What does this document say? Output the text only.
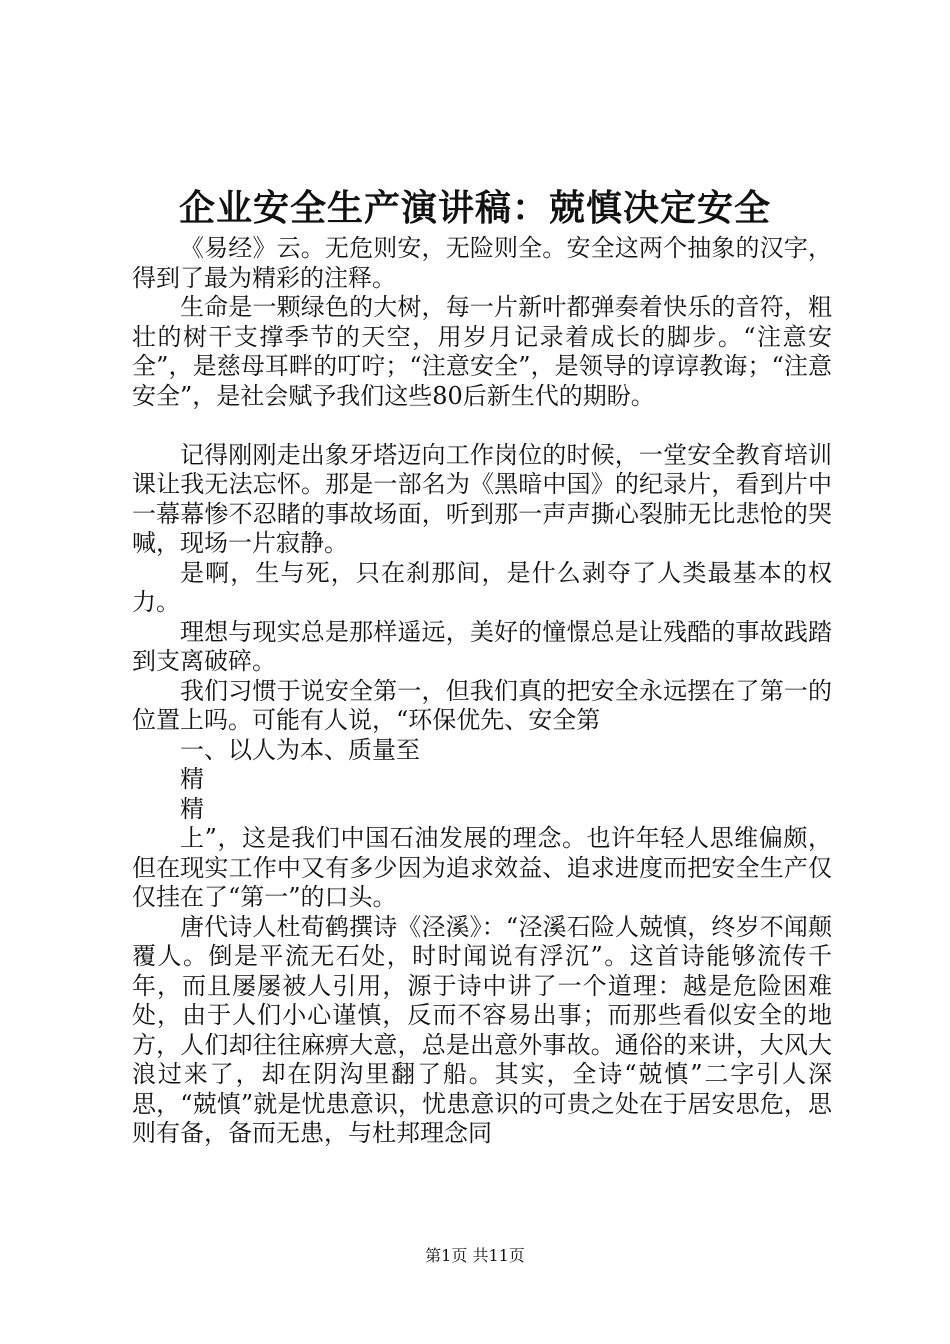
企业安全生产演讲稿：兢慎决定安全

《易经》云。无危则安，无险则全。安全这两个抽象的汉字，得到了最为精彩的注释。

生命是一颗绿色的大树，每一片新叶都弹奏着快乐的音符，粗壮的树干支撑季节的天空，用岁月记录着成长的脚步。“注意安全”，是慈母耳畔的叮咛；“注意安全”，是领导的谆谆教诲；“注意安全”，是社会赋予我们这些80后新生代的期盼。

记得刚刚走出象牙塔迈向工作岗位的时候，一堂安全教育培训课让我无法忘怀。那是一部名为《黑暗中国》的纪录片，看到片中一幕幕惨不忍睹的事故场面，听到那一声声撕心裂肺无比悲怆的哭喊，现场一片寂静。

是啊，生与死，只在刹那间，是什么剥夺了人类最基本的权力。

理想与现实总是那样遥远，美好的憧憬总是让残酷的事故践踏到支离破碎。

我们习惯于说安全第一，但我们真的把安全永远摆在了第一的位置上吗。可能有人说，“环保优先、安全第

一、以人为本、质量至

精

精

上”，这是我们中国石油发展的理念。也许年轻人思维偏颇，但在现实工作中又有多少因为追求效益、追求进度而把安全生产仅仅挂在了“第一”的口头。

唐代诗人杜荀鹤撰诗《泾溪》：“泾溪石险人兢慎，终岁不闻颠覆人。倒是平流无石处，时时闻说有浮沉”。这首诗能够流传千年，而且屡屡被人引用，源于诗中讲了一个道理：越是危险困难处，由于人们小心谨慎，反而不容易出事；而那些看似安全的地方，人们却往往麻痹大意，总是出意外事故。通俗的来讲，大风大浪过来了，却在阴沟里翻了船。其实，全诗“兢慎”二字引人深思，“兢慎”就是忧患意识，忧患意识的可贵之处在于居安思危，思则有备，备而无患，与杜邦理念同

第1页 共11页
